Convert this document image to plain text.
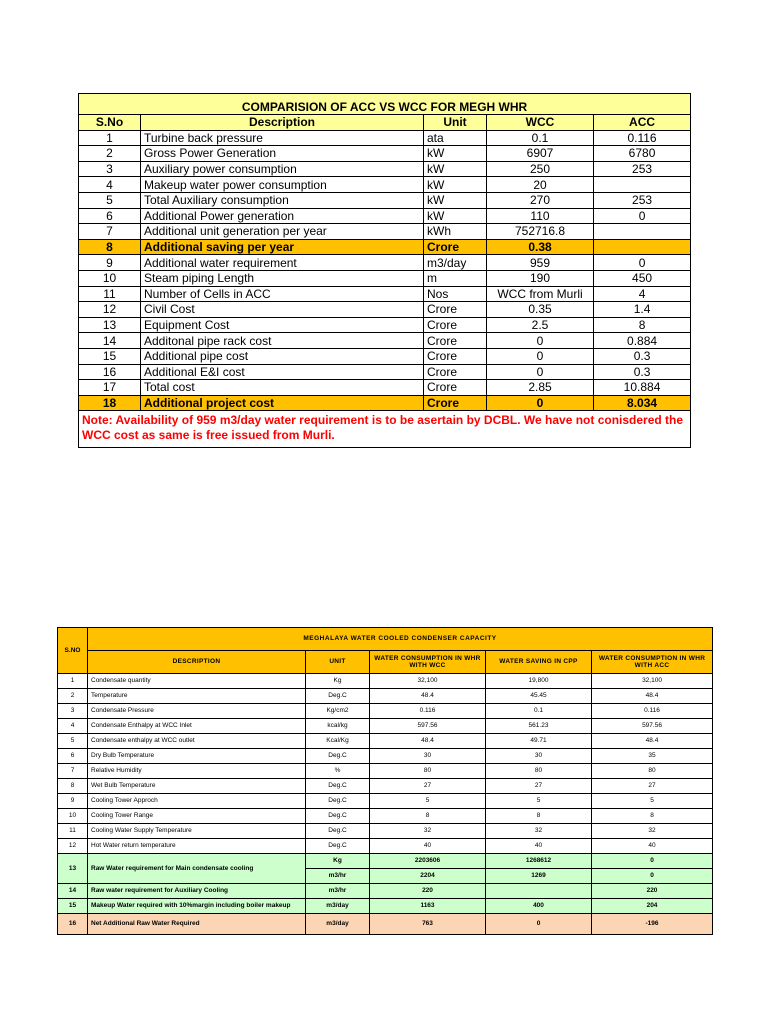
COMPARISION OF ACC VS WCC FOR MEGH WHR				
S.No	Description	Unit	WCC	ACC
1	Turbine back pressure	ata	0.1	0.116
2	Gross Power Generation	kW	6907	6780
3	Auxiliary power consumption	kW	250	253
4	Makeup water power consumption	kW	20	
5	Total Auxiliary consumption	kW	270	253
6	Additional Power generation	kW	110	0
7	Additional unit generation per year	kWh	752716.8	
8	Additional saving per year	Crore	0.38	
9	Additional water requirement	m3/day	959	0
10	Steam piping Length	m	190	450
11	Number of Cells in ACC	Nos	WCC from Murli	4
12	Civil Cost	Crore	0.35	1.4
13	Equipment Cost	Crore	2.5	8
14	Additonal pipe rack cost	Crore	0	0.884
15	Additional pipe cost	Crore	0	0.3
16	Additional E&I cost	Crore	0	0.3
17	Total cost	Crore	2.85	10.884
18	Additional project cost	Crore	0	8.034
Note: Availability of 959 m3/day water requirement is to be asertain by DCBL. We have not conisdered the WCC cost as same is free issued from Murli.				
S.NO	MEGHALAYA WATER COOLED CONDENSER CAPACITY				
	DESCRIPTION	UNIT	WATER CONSUMPTION IN WHR WITH WCC	WATER SAVING IN CPP	WATER CONSUMPTION IN WHR WITH ACC
1	Condensate quantity	Kg	32,100	19,800	32,100
2	Temperature	Deg.C	48.4	45.45	48.4
3	Condensate Pressure	Kg/cm2	0.116	0.1	0.116
4	Condensate Enthalpy at WCC Inlet	kcal/kg	597.56	561.23	597.56
5	Condensate enthalpy at WCC outlet	Kcal/Kg	48.4	49.71	48.4
6	Dry Bulb Temperature	Deg.C	30	30	35
7	Relative Humidity	%	80	80	80
8	Wet Bulb Temperature	Deg.C	27	27	27
9	Cooling Tower Approch	Deg.C	5	5	5
10	Cooling Tower Range	Deg.C	8	8	8
11	Cooling Water Supply Temperature	Deg.C	32	32	32
12	Hot Water return temperature	Deg.C	40	40	40
13	Raw Water requirement for Main condensate cooling	Kg	2203606	1268612	0
		m3/hr	2204	1269	0
14	Raw water requirement for Auxiliary Cooling	m3/hr	220		220
15	Makeup Water required with 10%margin including boiler makeup	m3/day	1163	400	204
16	Net Additional Raw Water Required	m3/day	763	0	-196
